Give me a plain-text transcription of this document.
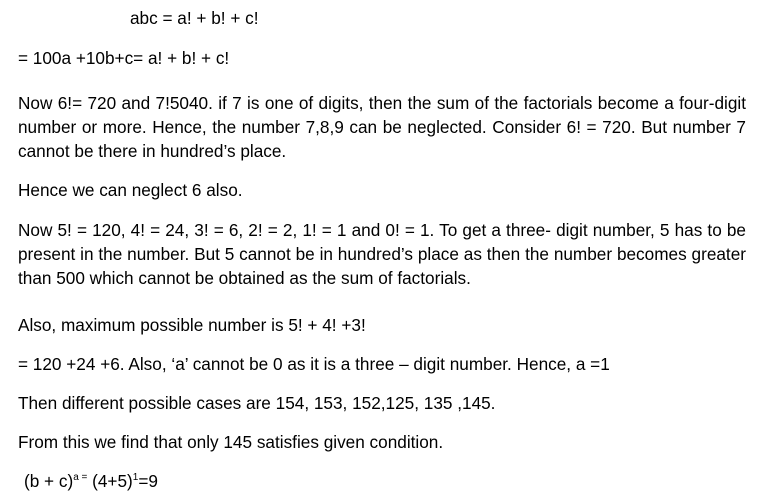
abc = a! + b! + c!

= 100a +10b+c= a! + b! + c!

Now 6!= 720 and 7!5040. if 7 is one of digits, then the sum of the factorials become a four-digit number or more. Hence, the number 7,8,9 can be neglected. Consider 6! = 720. But number 7 cannot be there in hundred’s place.

Hence we can neglect 6 also.

Now 5! = 120, 4! = 24, 3! = 6, 2! = 2, 1! = 1 and 0! = 1. To get a three- digit number, 5 has to be present in the number. But 5 cannot be in hundred’s place as then the number becomes greater than 500 which cannot be obtained as the sum of factorials.

Also, maximum possible number is 5! + 4! +3!

= 120 +24 +6. Also, ‘a’ cannot be 0 as it is a three – digit number. Hence, a =1

Then different possible cases are 154, 153, 152,125, 135 ,145.

From this we find that only 145 satisfies given condition.

$(b + c)^{a =}$ $(4+5)^1=9$
